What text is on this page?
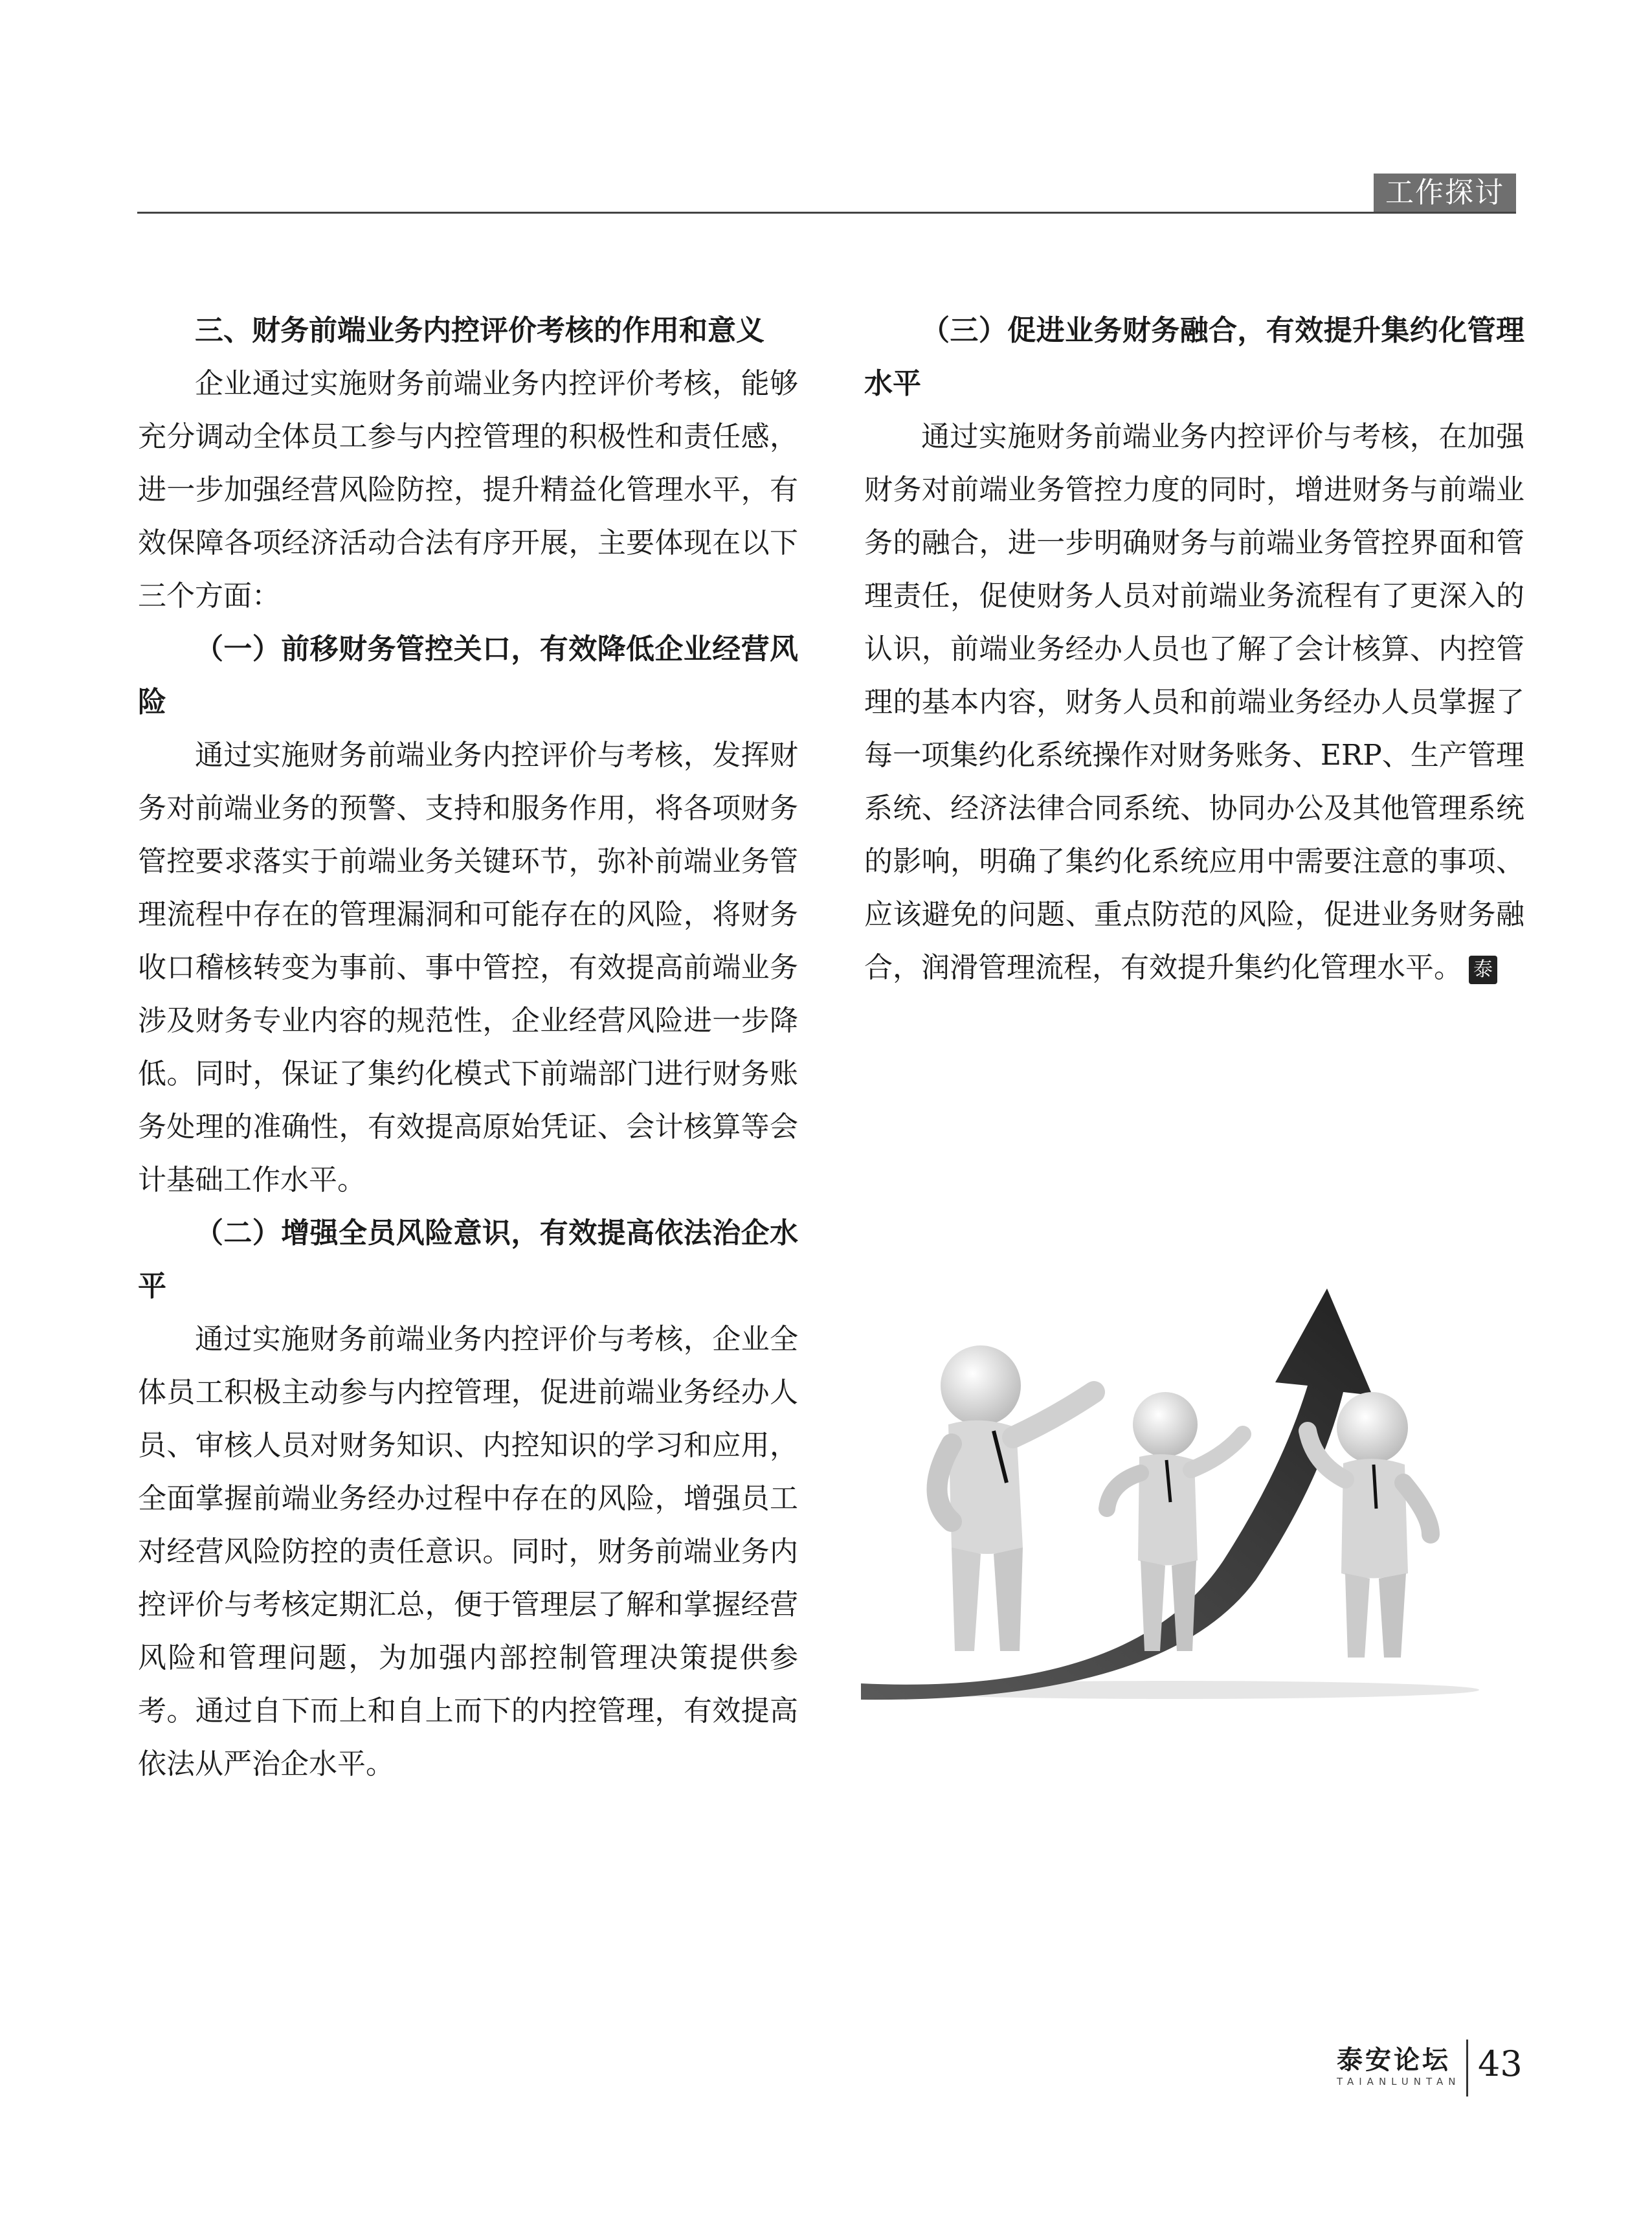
工作探讨

三、财务前端业务内控评价考核的作用和意义

企业通过实施财务前端业务内控评价考核，能够充分调动全体员工参与内控管理的积极性和责任感，进一步加强经营风险防控，提升精益化管理水平，有效保障各项经济活动合法有序开展，主要体现在以下三个方面：

（一）前移财务管控关口，有效降低企业经营风险

通过实施财务前端业务内控评价与考核，发挥财务对前端业务的预警、支持和服务作用，将各项财务管控要求落实于前端业务关键环节，弥补前端业务管理流程中存在的管理漏洞和可能存在的风险，将财务收口稽核转变为事前、事中管控，有效提高前端业务涉及财务专业内容的规范性，企业经营风险进一步降低。同时，保证了集约化模式下前端部门进行财务账务处理的准确性，有效提高原始凭证、会计核算等会计基础工作水平。

（二）增强全员风险意识，有效提高依法治企水平

通过实施财务前端业务内控评价与考核，企业全体员工积极主动参与内控管理，促进前端业务经办人员、审核人员对财务知识、内控知识的学习和应用，全面掌握前端业务经办过程中存在的风险，增强员工对经营风险防控的责任意识。同时，财务前端业务内控评价与考核定期汇总，便于管理层了解和掌握经营风险和管理问题，为加强内部控制管理决策提供参考。通过自下而上和自上而下的内控管理，有效提高依法从严治企水平。

（三）促进业务财务融合，有效提升集约化管理水平

通过实施财务前端业务内控评价与考核，在加强财务对前端业务管控力度的同时，增进财务与前端业务的融合，进一步明确财务与前端业务管控界面和管理责任，促使财务人员对前端业务流程有了更深入的认识，前端业务经办人员也了解了会计核算、内控管理的基本内容，财务人员和前端业务经办人员掌握了每一项集约化系统操作对财务账务、ERP、生产管理系统、经济法律合同系统、协同办公及其他管理系统的影响，明确了集约化系统应用中需要注意的事项、应该避免的问题、重点防范的风险，促进业务财务融合，润滑管理流程，有效提升集约化管理水平。 泰

泰安论坛
TAIANLUNTAN 43
